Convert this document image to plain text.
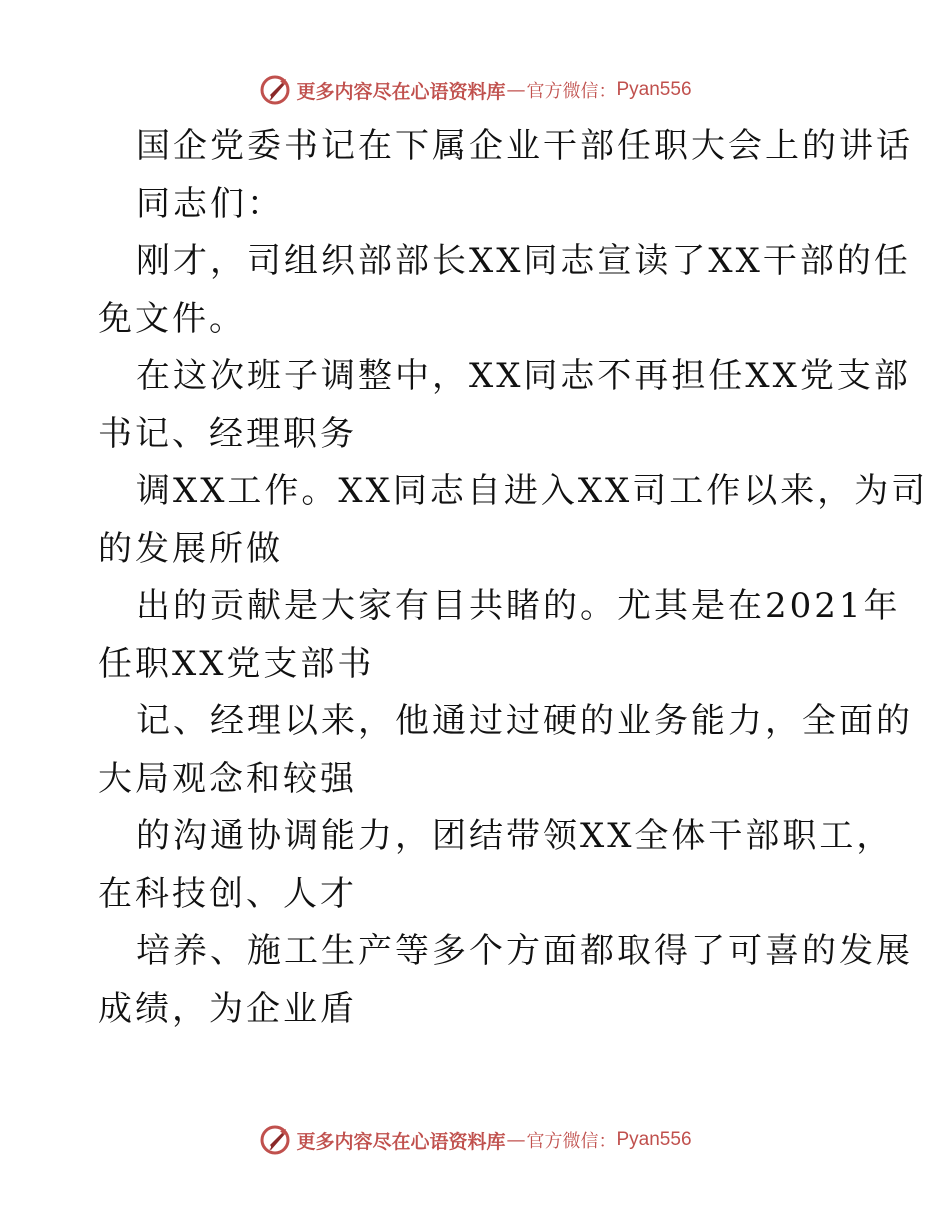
更多内容尽在心语资料库 — 官方微信： Pyan556
国企党委书记在下属企业干部任职大会上的讲话
同志们：
刚才，司组织部部长XX同志宣读了XX干部的任
免文件。
在这次班子调整中，XX同志不再担任XX党支部
书记、经理职务
调XX工作。XX同志自进入XX司工作以来，为司
的发展所做
出的贡献是大家有目共睹的。尤其是在2021年
任职XX党支部书
记、经理以来，他通过过硬的业务能力，全面的
大局观念和较强
的沟通协调能力，团结带领XX全体干部职工，
在科技创、人才
培养、施工生产等多个方面都取得了可喜的发展
成绩，为企业盾
更多内容尽在心语资料库 — 官方微信： Pyan556
